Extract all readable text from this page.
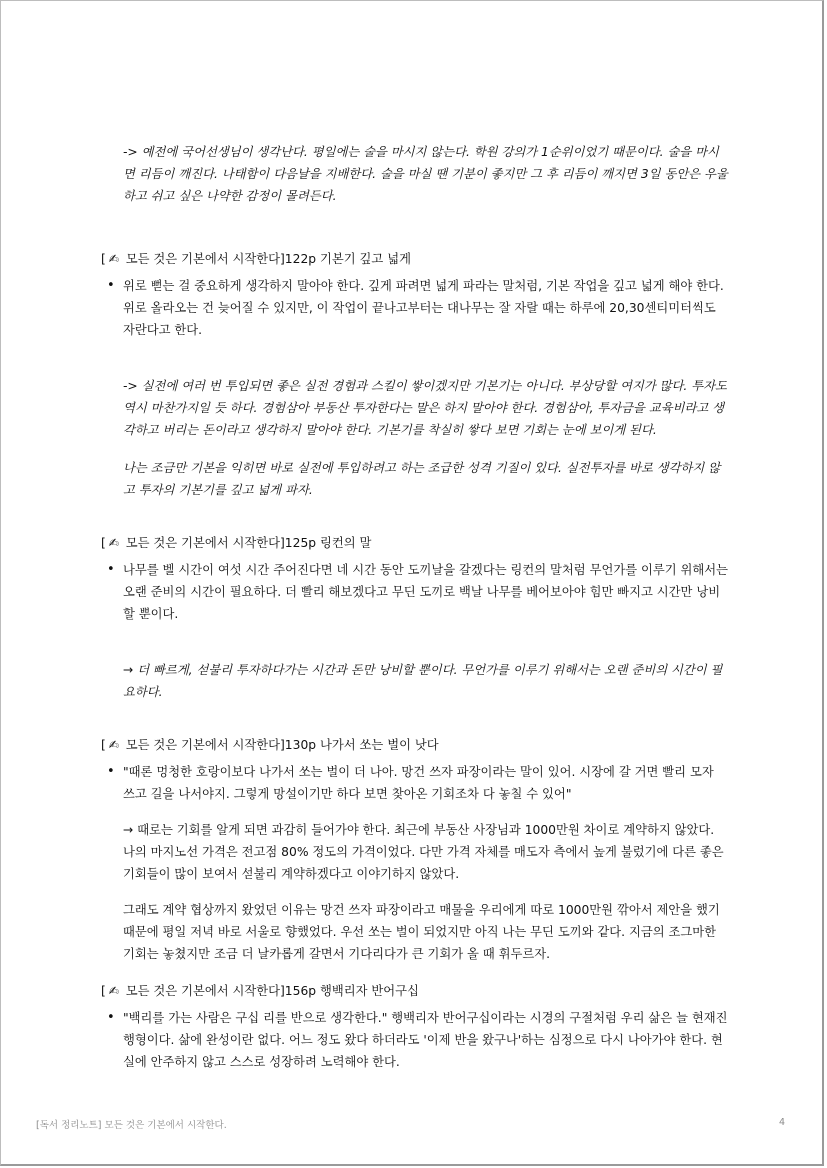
-> 예전에 국어선생님이 생각난다. 평일에는 술을 마시지 않는다. 학원 강의가 1순위이었기 때문이다. 술을 마시면 리듬이 깨진다. 나태함이 다음날을 지배한다. 술을 마실 땐 기분이 좋지만 그 후 리듬이 깨지면 3일 동안은 우울하고 쉬고 싶은 나약한 감정이 몰려든다.

[ ✍ 모든 것은 기본에서 시작한다]122p 기본기 깊고 넓게
• 위로 뻗는 걸 중요하게 생각하지 말아야 한다. 깊게 파려면 넓게 파라는 말처럼, 기본 작업을 깊고 넓게 해야 한다. 위로 올라오는 건 늦어질 수 있지만, 이 작업이 끝나고부터는 대나무는 잘 자랄 때는 하루에 20,30센티미터씩도 자란다고 한다.

-> 실전에 여러 번 투입되면 좋은 실전 경험과 스킬이 쌓이겠지만 기본기는 아니다. 부상당할 여지가 많다. 투자도 역시 마찬가지일 듯 하다. 경험삼아 부동산 투자한다는 말은 하지 말아야 한다. 경험삼아, 투자금을 교육비라고 생각하고 버리는 돈이라고 생각하지 말아야 한다. 기본기를 착실히 쌓다 보면 기회는 눈에 보이게 된다.

나는 조금만 기본을 익히면 바로 실전에 투입하려고 하는 조급한 성격 기질이 있다. 실전투자를 바로 생각하지 않고 투자의 기본기를 깊고 넓게 파자.

[ ✍ 모든 것은 기본에서 시작한다]125p 링컨의 말
• 나무를 벨 시간이 여섯 시간 주어진다면 네 시간 동안 도끼날을 갈겠다는 링컨의 말처럼 무언가를 이루기 위해서는 오랜 준비의 시간이 필요하다. 더 빨리 해보겠다고 무딘 도끼로 백날 나무를 베어보아야 힘만 빠지고 시간만 낭비할 뿐이다.

→ 더 빠르게, 섣불리 투자하다가는 시간과 돈만 낭비할 뿐이다. 무언가를 이루기 위해서는 오랜 준비의 시간이 필요하다.

[ ✍ 모든 것은 기본에서 시작한다]130p 나가서 쏘는 벌이 낫다
• "때론 멍청한 호랑이보다 나가서 쏘는 벌이 더 나아. 망건 쓰자 파장이라는 말이 있어. 시장에 갈 거면 빨리 모자 쓰고 길을 나서야지. 그렇게 망설이기만 하다 보면 찾아온 기회조차 다 놓칠 수 있어"

→ 때로는 기회를 알게 되면 과감히 들어가야 한다. 최근에 부동산 사장님과 1000만원 차이로 계약하지 않았다. 나의 마지노선 가격은 전고점 80% 정도의 가격이었다. 다만 가격 자체를 매도자 측에서 높게 불렀기에 다른 좋은 기회들이 많이 보여서 섣불리 계약하겠다고 이야기하지 않았다.

그래도 계약 협상까지 왔었던 이유는 망건 쓰자 파장이라고 매물을 우리에게 따로 1000만원 깎아서 제안을 했기 때문에 평일 저녁 바로 서울로 향했었다. 우선 쏘는 벌이 되었지만 아직 나는 무딘 도끼와 같다. 지금의 조그마한 기회는 놓쳤지만 조금 더 날카롭게 갈면서 기다리다가 큰 기회가 올 때 휘두르자.

[ ✍ 모든 것은 기본에서 시작한다]156p 행백리자 반어구십
• "백리를 가는 사람은 구십 리를 반으로 생각한다." 행백리자 반어구십이라는 시경의 구절처럼 우리 삶은 늘 현재진행형이다. 삶에 완성이란 없다. 어느 정도 왔다 하더라도 '이제 반을 왔구나'하는 심정으로 다시 나아가야 한다. 현실에 안주하지 않고 스스로 성장하려 노력해야 한다.
[독서 정리노트] 모든 것은 기본에서 시작한다.	4
